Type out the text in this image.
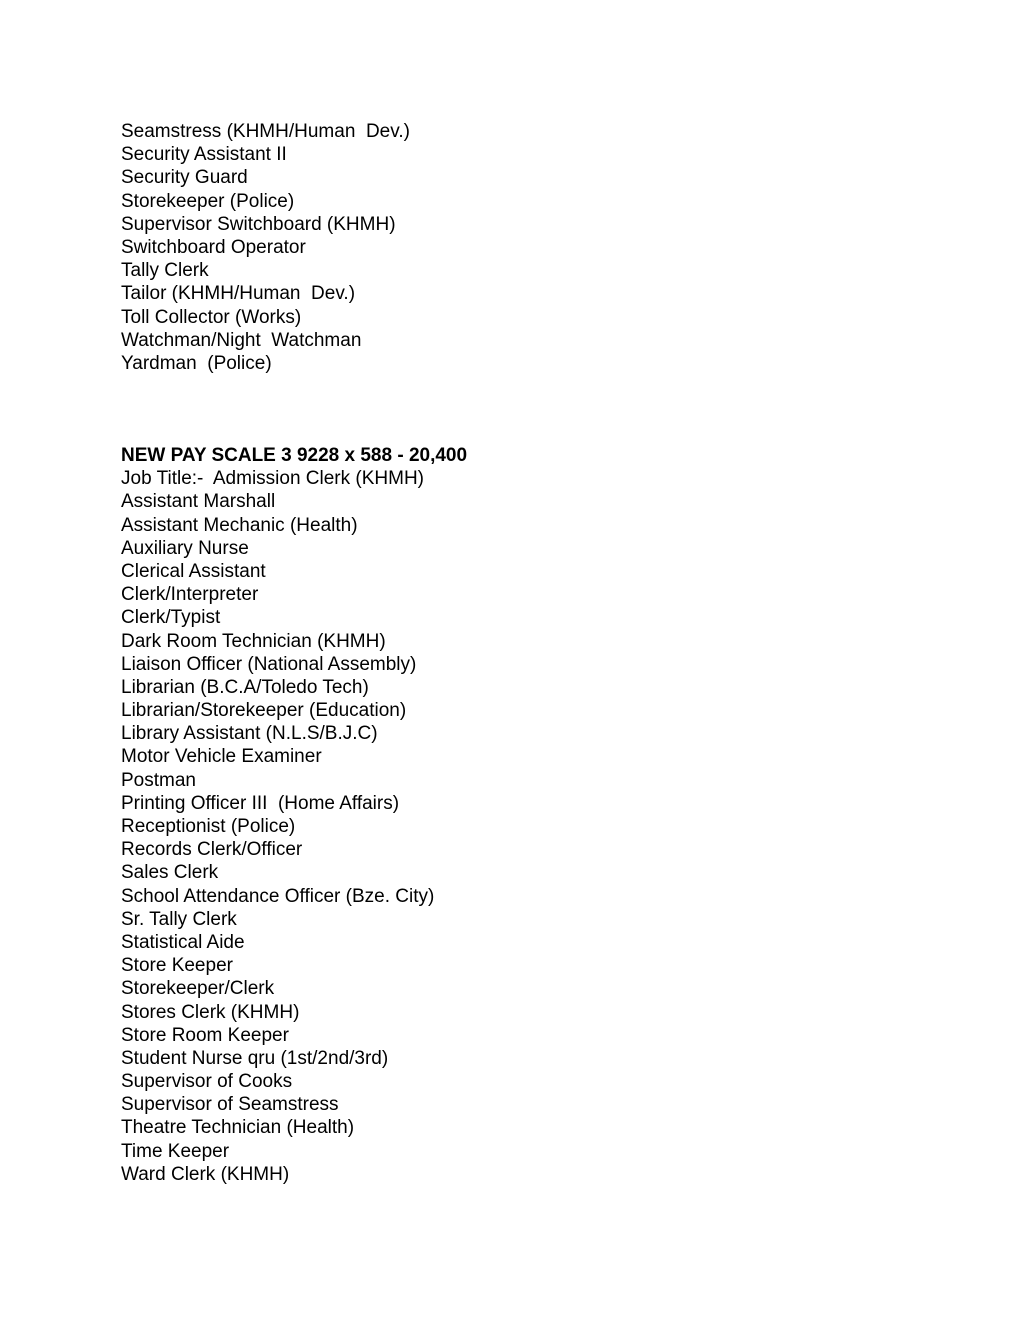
Seamstress (KHMH/Human  Dev.)
Security Assistant II
Security Guard
Storekeeper (Police)
Supervisor Switchboard (KHMH)
Switchboard Operator
Tally Clerk
Tailor (KHMH/Human  Dev.)
Toll Collector (Works)
Watchman/Night  Watchman
Yardman  (Police)
NEW PAY SCALE 3 9228 x 588 - 20,400
Job Title:-  Admission Clerk (KHMH)
Assistant Marshall
Assistant Mechanic (Health)
Auxiliary Nurse
Clerical Assistant
Clerk/Interpreter
Clerk/Typist
Dark Room Technician (KHMH)
Liaison Officer (National Assembly)
Librarian (B.C.A/Toledo Tech)
Librarian/Storekeeper (Education)
Library Assistant (N.L.S/B.J.C)
Motor Vehicle Examiner
Postman
Printing Officer III  (Home Affairs)
Receptionist (Police)
Records Clerk/Officer
Sales Clerk
School Attendance Officer (Bze. City)
Sr. Tally Clerk
Statistical Aide
Store Keeper
Storekeeper/Clerk
Stores Clerk (KHMH)
Store Room Keeper
Student Nurse qru (1st/2nd/3rd)
Supervisor of Cooks
Supervisor of Seamstress
Theatre Technician (Health)
Time Keeper
Ward Clerk (KHMH)
